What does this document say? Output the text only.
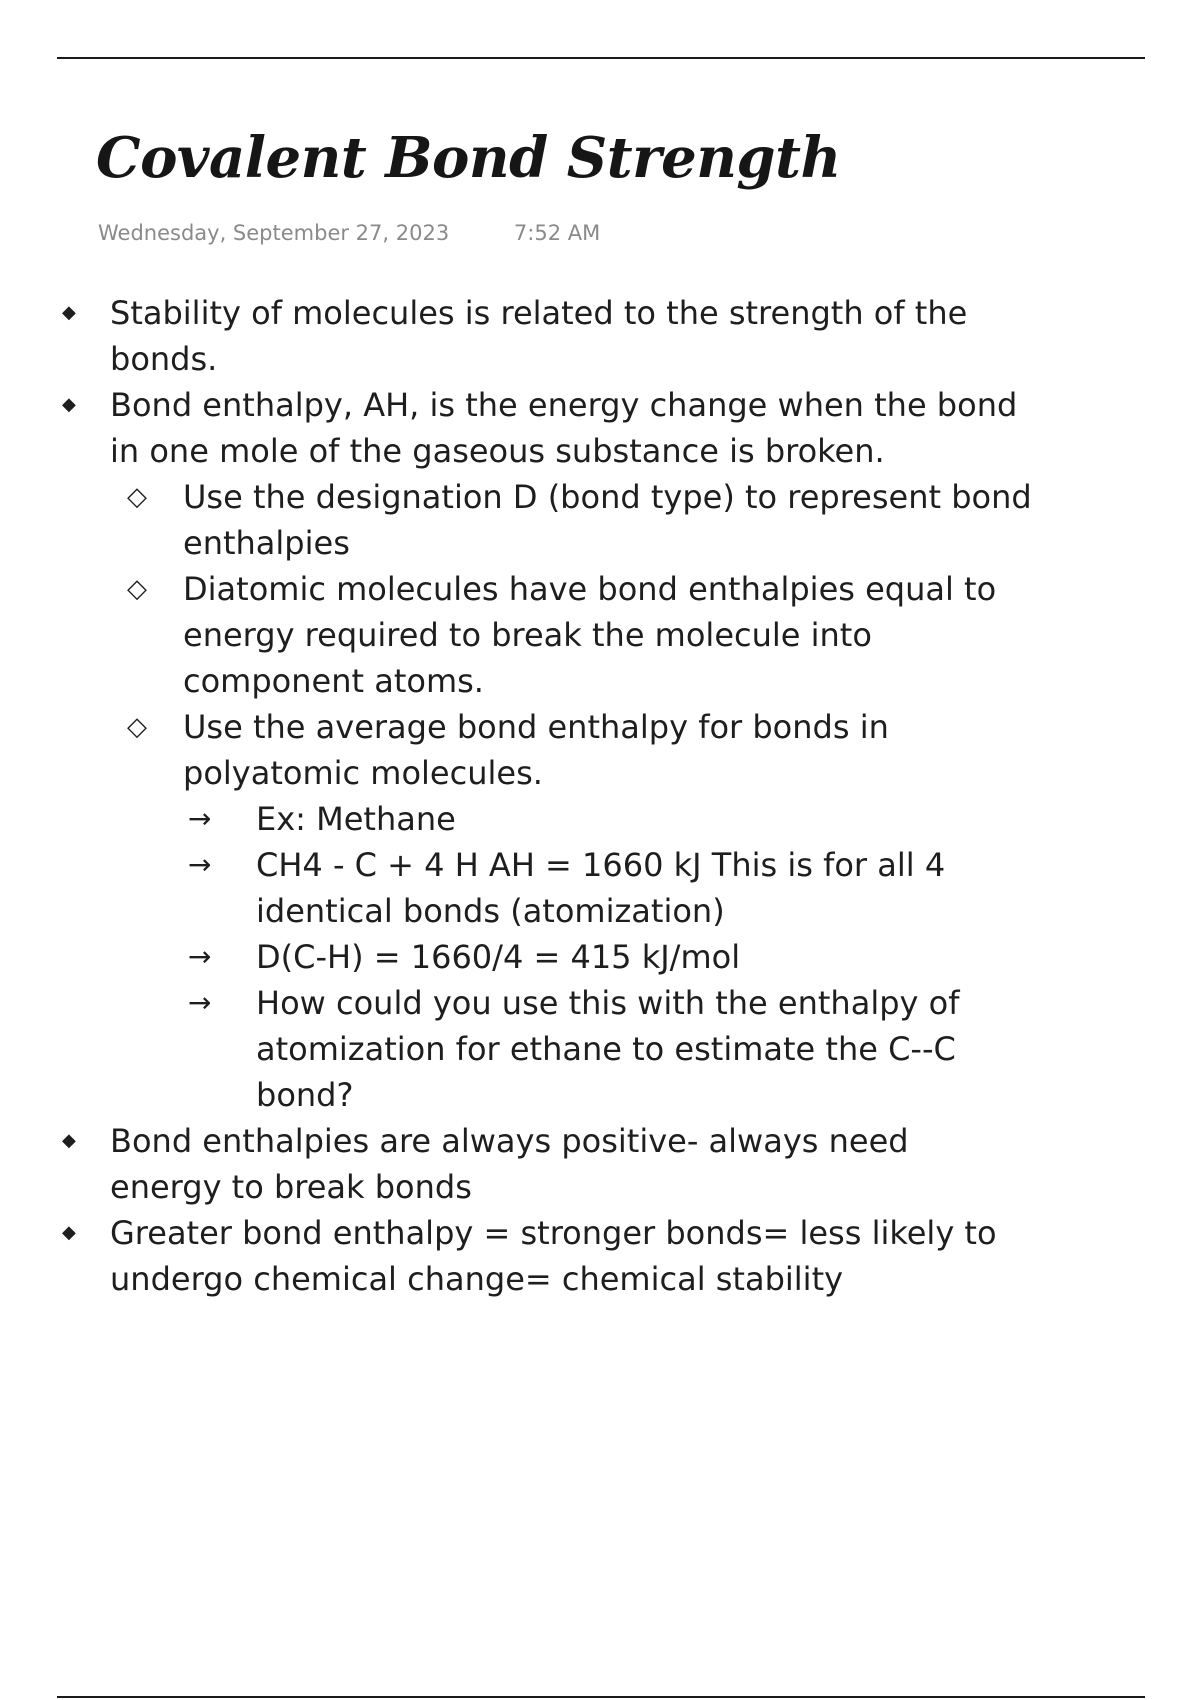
Covalent Bond Strength
Wednesday, September 27, 2023	7:52 AM

◆ Stability of molecules is related to the strength of the bonds.

◆ Bond enthalpy, AH, is the energy change when the bond in one mole of the gaseous substance is broken.

◇ Use the designation D (bond type) to represent bond enthalpies

◇ Diatomic molecules have bond enthalpies equal to energy required to break the molecule into component atoms.

◇ Use the average bond enthalpy for bonds in polyatomic molecules.

→ Ex: Methane

→ CH4 - C + 4 H AH = 1660 kJ This is for all 4 identical bonds (atomization)

→ D(C-H) = 1660/4 = 415 kJ/mol

→ How could you use this with the enthalpy of atomization for ethane to estimate the C--C bond?

◆ Bond enthalpies are always positive- always need energy to break bonds

◆ Greater bond enthalpy = stronger bonds= less likely to undergo chemical change= chemical stability
